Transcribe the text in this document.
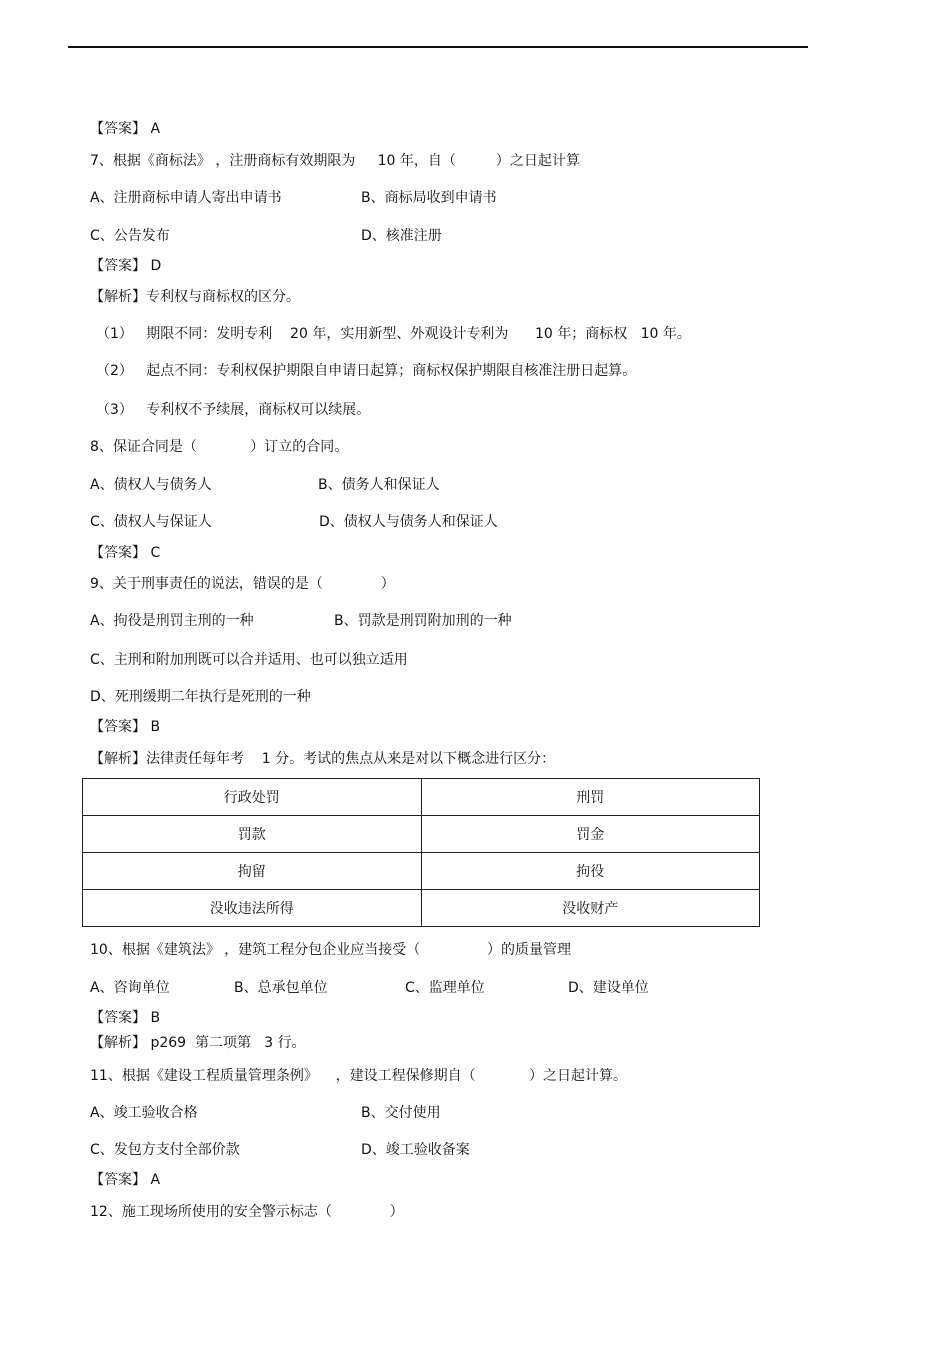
【答案】 A
7、根据《商标法》 ，注册商标有效期限为     10 年，自（         ）之日起计算
A、注册商标申请人寄出申请书	B、商标局收到申请书
C、公告发布	D、核准注册
【答案】 D
【解析】专利权与商标权的区分。
（1）   期限不同：发明专利    20 年，实用新型、外观设计专利为      10 年；商标权   10 年。
（2）   起点不同：专利权保护期限自申请日起算；商标权保护期限自核准注册日起算。
（3）   专利权不予续展，商标权可以续展。
8、保证合同是（            ）订立的合同。
A、债权人与债务人	B、债务人和保证人
C、债权人与保证人	D、债权人与债务人和保证人
【答案】 C
9、关于刑事责任的说法，错误的是（             ）
A、拘役是刑罚主刑的一种	B、罚款是刑罚附加刑的一种
C、主刑和附加刑既可以合并适用、也可以独立适用
D、死刑缓期二年执行是死刑的一种
【答案】 B
【解析】法律责任每年考    1 分。考试的焦点从来是对以下概念进行区分：
行政处罚	刑罚
罚款	罚金
拘留	拘役
没收违法所得	没收财产
10、根据《建筑法》 ，建筑工程分包企业应当接受（               ）的质量管理
A、咨询单位	B、总承包单位	C、监理单位	D、建设单位
【答案】 B
【解析】 p269  第二项第   3 行。
11、根据《建设工程质量管理条例》    ，建设工程保修期自（            ）之日起计算。
A、竣工验收合格	B、交付使用
C、发包方支付全部价款	D、竣工验收备案
【答案】 A
12、施工现场所使用的安全警示标志（             ）
